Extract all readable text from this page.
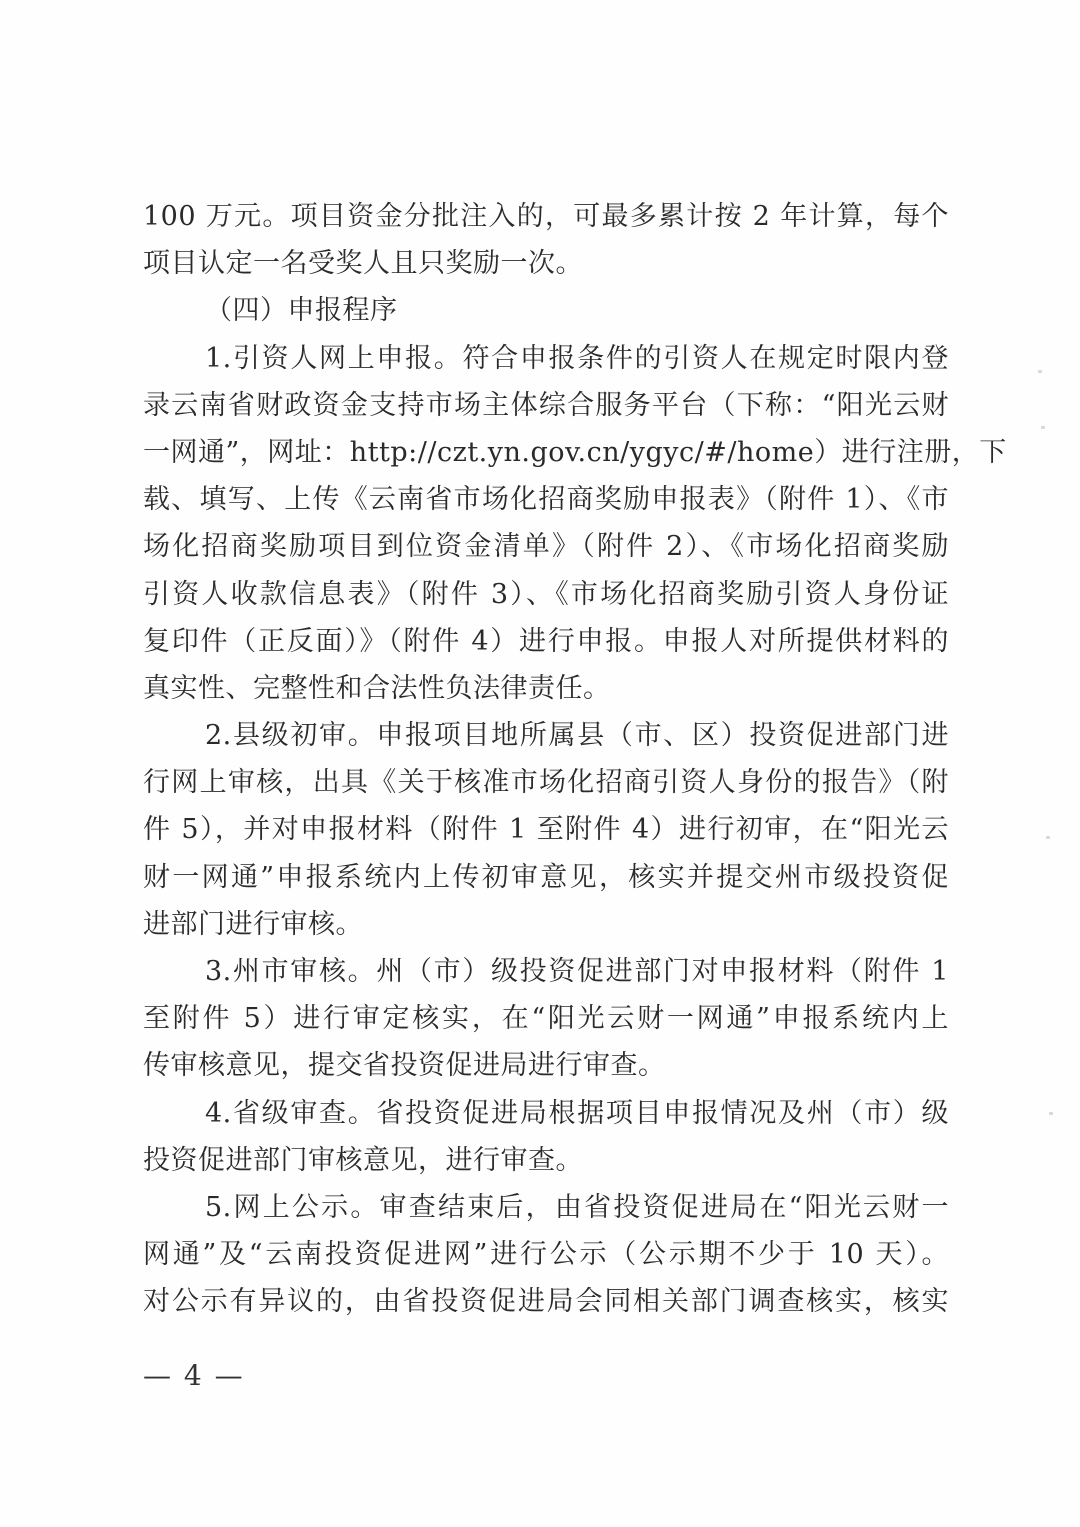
100 万元。项目资金分批注入的，可最多累计按 2 年计算，每个
项目认定一名受奖人且只奖励一次。
（四）申报程序
1.引资人网上申报。符合申报条件的引资人在规定时限内登
录云南省财政资金支持市场主体综合服务平台（下称：“阳光云财
一网通”，网址：http://czt.yn.gov.cn/ygyc/#/home）进行注册，下
载、填写、上传《云南省市场化招商奖励申报表》（附件 1）、《市
场化招商奖励项目到位资金清单》（附件 2）、《市场化招商奖励
引资人收款信息表》（附件 3）、《市场化招商奖励引资人身份证
复印件（正反面）》（附件 4）进行申报。申报人对所提供材料的
真实性、完整性和合法性负法律责任。
2.县级初审。申报项目地所属县（市、区）投资促进部门进
行网上审核，出具《关于核准市场化招商引资人身份的报告》（附
件 5），并对申报材料（附件 1 至附件 4）进行初审，在“阳光云
财一网通”申报系统内上传初审意见，核实并提交州市级投资促
进部门进行审核。
3.州市审核。州（市）级投资促进部门对申报材料（附件 1
至附件 5）进行审定核实，在“阳光云财一网通”申报系统内上
传审核意见，提交省投资促进局进行审查。
4.省级审查。省投资促进局根据项目申报情况及州（市）级
投资促进部门审核意见，进行审查。
5.网上公示。审查结束后，由省投资促进局在“阳光云财一
网通”及“云南投资促进网”进行公示（公示期不少于 10 天）。
对公示有异议的，由省投资促进局会同相关部门调查核实，核实
— 4 —
